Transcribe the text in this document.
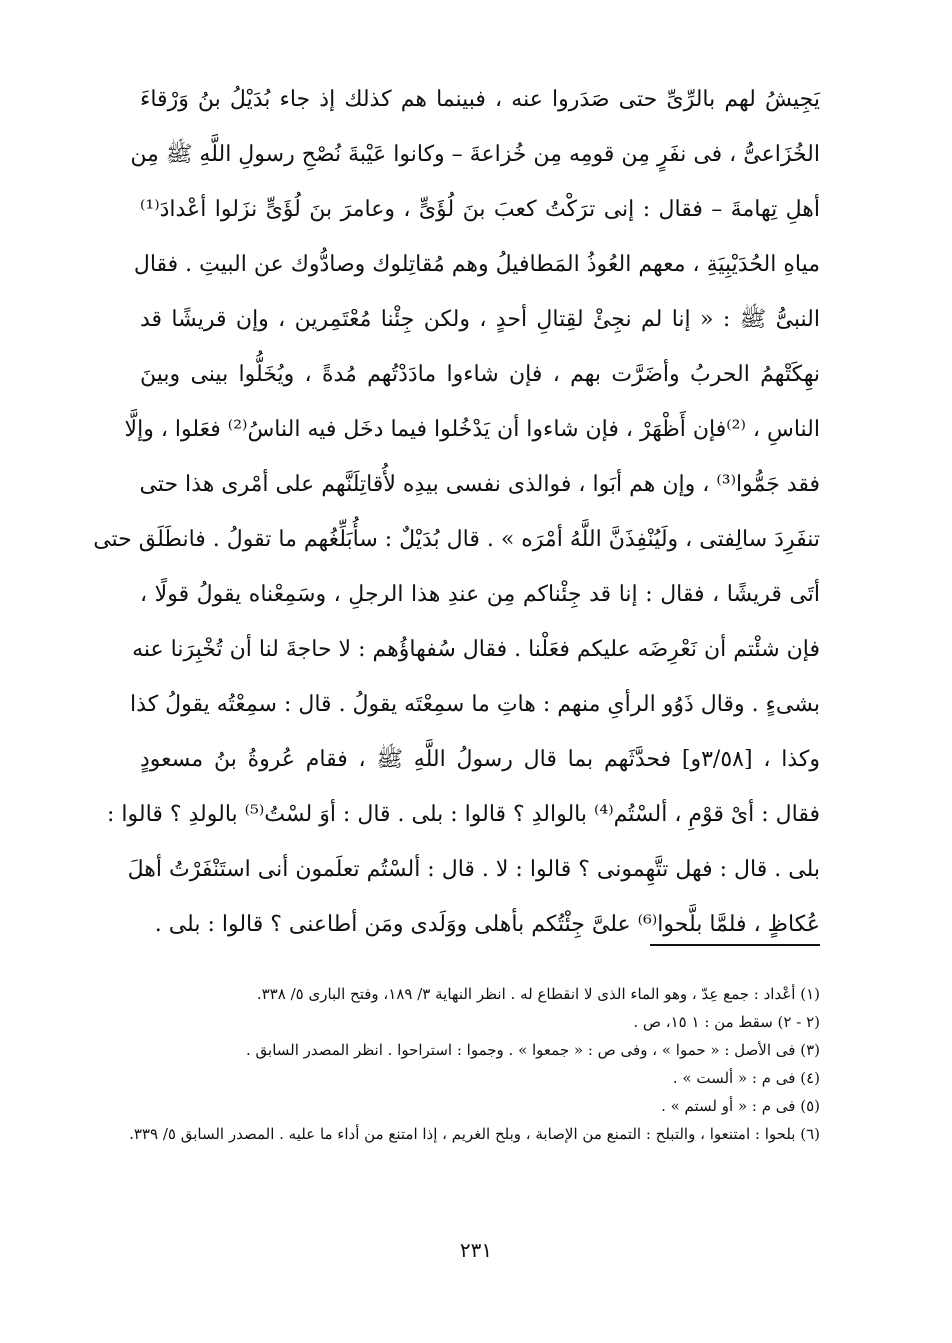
يَجِيشُ لهم بالرِّىِّ حتى صَدَروا عنه ، فبينما هم كذلك إذ جاء بُدَيْلُ بنُ وَرْقاءَ
الخُزَاعىُّ ، فى نفَرٍ مِن قومِه مِن خُزاعةَ – وكانوا عَيْبةَ نُصْحِ رسولِ اللَّهِ ﷺ مِن
أهلِ تِهامةَ – فقال : إنى ترَكْتُ كعبَ بنَ لُؤَىٍّ ، وعامرَ بنَ لُؤَىٍّ نزَلوا أعْدادَ⁽¹⁾
مياهِ الحُدَيْبِيَةِ ، معهم العُوذُ المَطافيلُ وهم مُقاتِلوك وصادُّوك عن البيتِ . فقال
النبىُّ ﷺ : « إنا لم نجِئْ لقِتالِ أحدٍ ، ولكن جِئْنا مُعْتَمِرين ، وإن قريشًا قد
نهِكَتْهمُ الحربُ وأضَرَّت بهم ، فإن شاءوا مادَدْتُهم مُدةً ، ويُخَلُّوا بينى وبينَ
الناسِ ، ⁽²⁾فإن أَظْهَرْ ، فإن شاءوا أن يَدْخُلوا فيما دخَل فيه الناسُ⁽²⁾ فعَلوا ، وإلَّا
فقد جَمُّوا⁽³⁾ ، وإن هم أبَوا ، فوالذى نفسى بيدِه لأُقاتِلَنَّهم على أمْرى هذا حتى
تنفَرِدَ سالِفتى ، ولَيُنْفِذَنَّ اللَّهُ أمْرَه » . قال بُدَيْلٌ : سأُبَلِّغُهم ما تقولُ . فانطَلَق حتى
أتَى قريشًا ، فقال : إنا قد جِئْناكم مِن عندِ هذا الرجلِ ، وسَمِعْناه يقولُ قولًا ،
فإن شئْتم أن نَعْرِضَه عليكم فعَلْنا . فقال سُفهاؤُهم : لا حاجةَ لنا أن تُخْبِرَنا عنه
بشىءٍ . وقال ذَوُو الرأىِ منهم : هاتِ ما سمِعْتَه يقولُ . قال : سمِعْتُه يقولُ كذا
وكذا ، [٣/٥٨و] فحدَّثَهم بما قال رسولُ اللَّهِ ﷺ ، فقام عُروةُ بنُ مسعودٍ
فقال : أىْ قوْمِ ، ألسْتُم⁽⁴⁾ بالوالدِ ؟ قالوا : بلى . قال : أوَ لسْتُ⁽⁵⁾ بالولدِ ؟ قالوا :
بلى . قال : فهل تتَّهِمونى ؟ قالوا : لا . قال : ألسْتُم تعلَمون أنى استَنْفَرْتُ أهلَ
عُكاظٍ ، فلمَّا بلَّحوا⁽⁶⁾ علىَّ جِئْتُكم بأهلى ووَلَدى ومَن أطاعنى ؟ قالوا : بلى .
(١) أعْداد : جمع عِدّ ، وهو الماء الذى لا انقطاع له . انظر النهاية ٣/ ١٨٩، وفتح البارى ٥/ ٣٣٨.
(٢ - ٢) سقط من : ١ ١٥، ص .
(٣) فى الأصل : « حموا » ، وفى ص : « جمعوا » . وجموا : استراحوا . انظر المصدر السابق .
(٤) فى م : « ألست » .
(٥) فى م : « أو لستم » .
(٦) بلحوا : امتنعوا ، والتبلح : التمنع من الإصابة ، وبلح الغريم ، إذا امتنع من أداء ما عليه . المصدر السابق ٥/ ٣٣٩.
٢٣١
